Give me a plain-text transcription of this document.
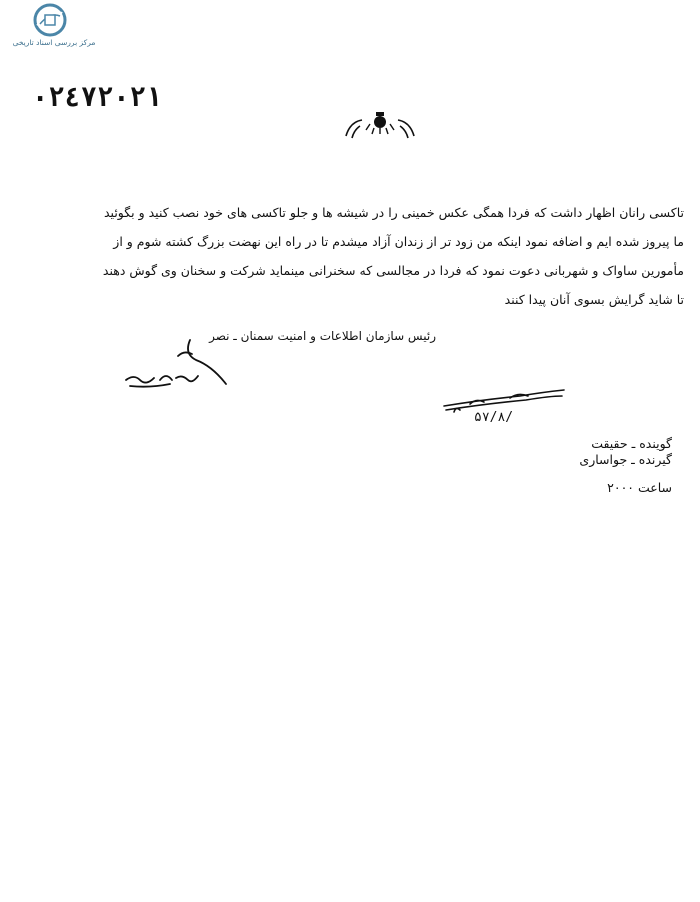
مرکز بررسی اسناد تاریخی
٠٢٤٧٢٠٢١
تاکسی رانان اظهار داشت که فردا همگی عکس خمینی را در شیشه ها و جلو تاکسی های خود نصب کنید و بگوئید
ما پیروز شده ایم و اضافه نمود اینکه من زود تر از زندان آزاد میشدم تا در راه این نهضت بزرگ کشته شوم و از
مأمورین ساواک و شهربانی دعوت نمود که فردا در مجالسی که سخنرانی مینماید شرکت و سخنان وی گوش دهند
تا شاید گرایش بسوی آنان پیدا کنند
رئیس سازمان اطلاعات و امنیت سمنان ـ نصر
۵۷/۸/
گوینده ـ حقیقت
گیرنده ـ جواساری
ساعت ٢٠٠٠
